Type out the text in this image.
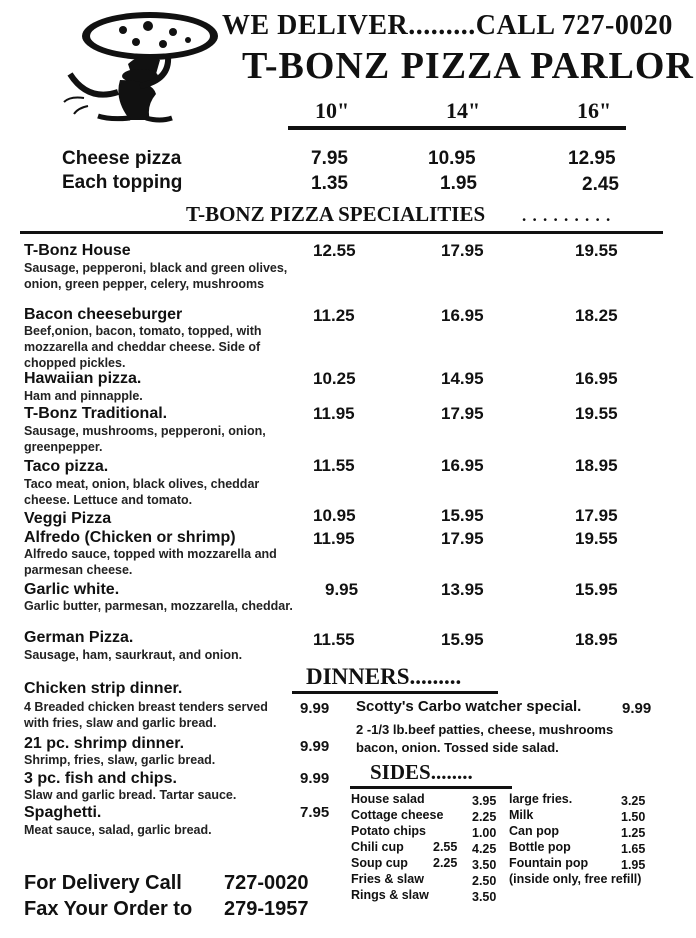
WE DELIVER.........CALL 727-0020
T-BONZ PIZZA PARLOR
10"	14"	16"
Cheese pizza	7.95	10.95	12.95
Each topping	1.35	1.95	2.45
T-BONZ PIZZA SPECIALITIES . . . . . . . . .
T-Bonz House
Sausage, pepperoni, black and green olives, onion, green pepper, celery, mushrooms
12.55	17.95	19.55
Bacon cheeseburger
Beef,onion, bacon, tomato, topped, with mozzarella and cheddar cheese. Side of chopped pickles.
11.25	16.95	18.25
Hawaiian pizza.
Ham and pinnapple.
10.25	14.95	16.95
T-Bonz Traditional.
Sausage, mushrooms, pepperoni, onion, greenpepper.
11.95	17.95	19.55
Taco pizza.
Taco meat, onion, black olives, cheddar cheese. Lettuce and tomato.
11.55	16.95	18.95
Veggi Pizza	10.95	15.95	17.95
Alfredo (Chicken or shrimp)
Alfredo sauce, topped with mozzarella and parmesan cheese.
11.95	17.95	19.55
Garlic white.
Garlic butter, parmesan, mozzarella, cheddar.
9.95	13.95	15.95
German Pizza.
Sausage, ham, saurkraut, and onion.
11.55	15.95	18.95
DINNERS.........
Chicken strip dinner.
4 Breaded chicken breast tenders served with fries, slaw and garlic bread.
9.99
21 pc. shrimp dinner.
Shrimp, fries, slaw, garlic bread.
9.99
3 pc. fish and chips.
Slaw and garlic bread. Tartar sauce.
9.99
Spaghetti.
Meat sauce, salad, garlic bread.
7.95
Scotty's Carbo watcher special.	9.99
2 -1/3 lb.beef patties, cheese, mushrooms
bacon, onion. Tossed side salad.
SIDES........
House salad	3.95
Cottage cheese 2.25
Potato chips	1.00
Chili cup 2.55 4.25
Soup cup 2.25 3.50
Fries & slaw	2.50
Rings & slaw	3.50
large fries.	3.25
Milk	1.50
Can pop	1.25
Bottle pop	1.65
Fountain pop	1.95
(inside only, free refill)
For Delivery Call 727-0020
Fax Your Order to 279-1957
